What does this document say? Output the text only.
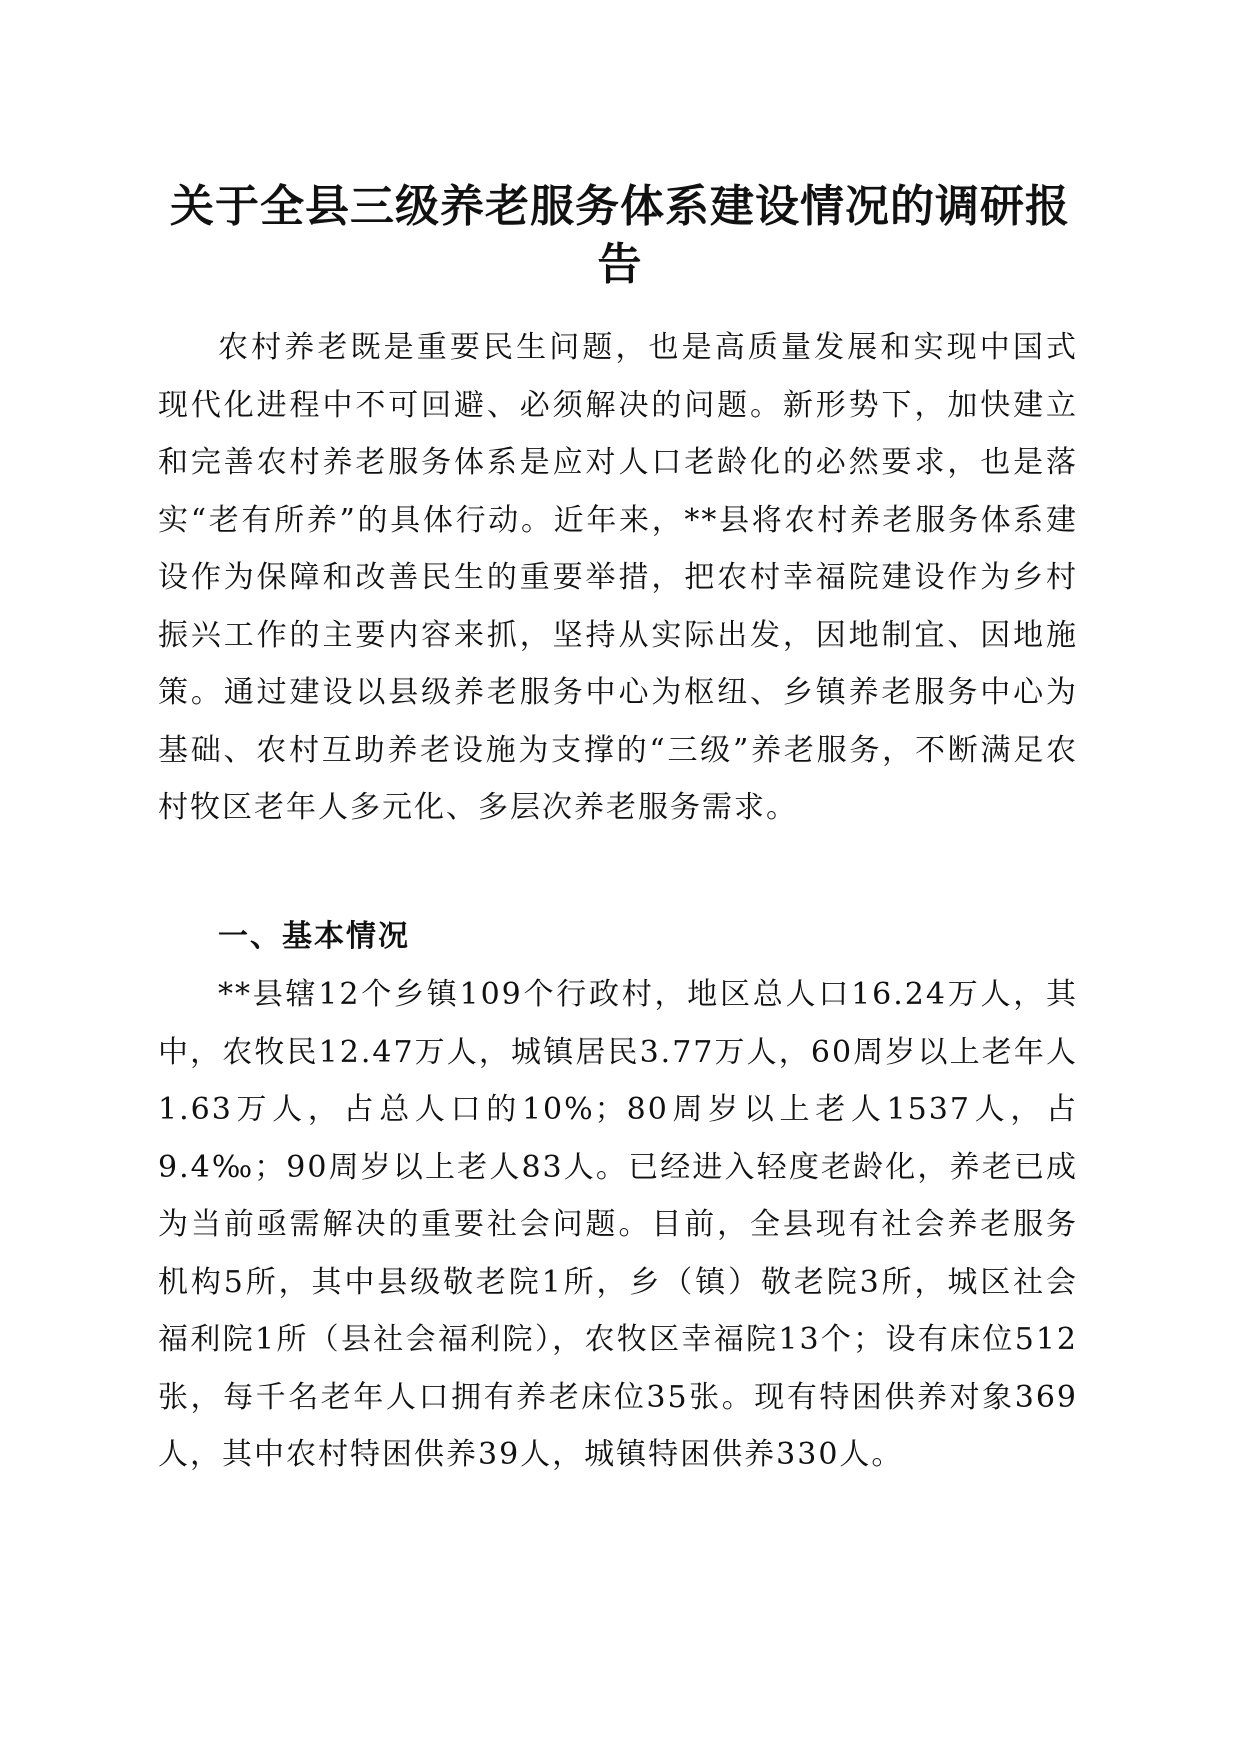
关于全县三级养老服务体系建设情况的调研报告

农村养老既是重要民生问题，也是高质量发展和实现中国式现代化进程中不可回避、必须解决的问题。新形势下，加快建立和完善农村养老服务体系是应对人口老龄化的必然要求，也是落实“老有所养”的具体行动。近年来，**县将农村养老服务体系建设作为保障和改善民生的重要举措，把农村幸福院建设作为乡村振兴工作的主要内容来抓，坚持从实际出发，因地制宜、因地施策。通过建设以县级养老服务中心为枢纽、乡镇养老服务中心为基础、农村互助养老设施为支撑的“三级”养老服务，不断满足农村牧区老年人多元化、多层次养老服务需求。

一、基本情况

**县辖12个乡镇109个行政村，地区总人口16.24万人，其中，农牧民12.47万人，城镇居民3.77万人，60周岁以上老年人1.63万人，占总人口的10%；80周岁以上老人1537人，占9.4‰；90周岁以上老人83人。已经进入轻度老龄化，养老已成为当前亟需解决的重要社会问题。目前，全县现有社会养老服务机构5所，其中县级敬老院1所，乡（镇）敬老院3所，城区社会福利院1所（县社会福利院），农牧区幸福院13个；设有床位512张，每千名老年人口拥有养老床位35张。现有特困供养对象369人，其中农村特困供养39人，城镇特困供养330人。
